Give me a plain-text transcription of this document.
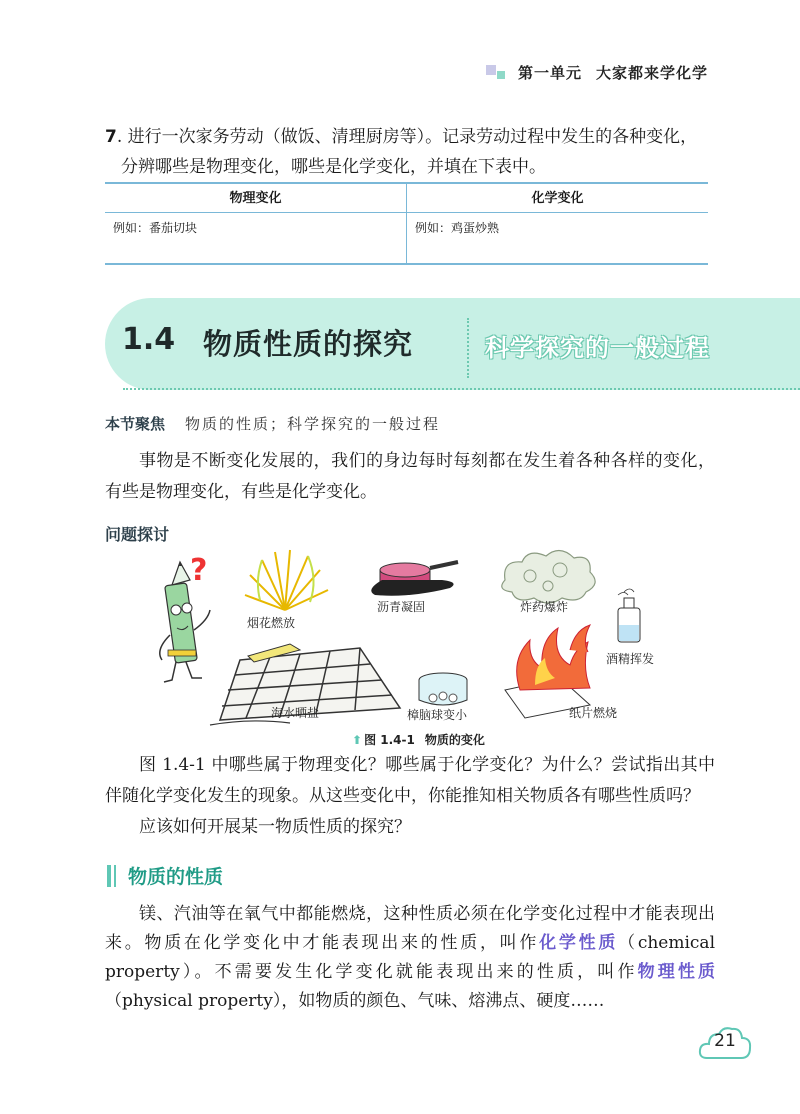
第一单元 大家都来学化学
7. 进行一次家务劳动（做饭、清理厨房等）。记录劳动过程中发生的各种变化，
分辨哪些是物理变化，哪些是化学变化，并填在下表中。
物理变化	化学变化
例如：番茄切块	例如：鸡蛋炒熟
1.4 物质性质的探究	科学探究的一般过程
本节聚焦 物质的性质；科学探究的一般过程

事物是不断变化发展的，我们的身边每时每刻都在发生着各种各样的变化，有些是物理变化，有些是化学变化。

问题探讨
?
烟花燃放
沥青凝固	炸药爆炸
酒精挥发
海水晒盐	樟脑球变小	纸片燃烧
⬆ 图 1.4-1 物质的变化

图 1.4-1 中哪些属于物理变化？哪些属于化学变化？为什么？尝试指出其中伴随化学变化发生的现象。从这些变化中，你能推知相关物质各有哪些性质吗？

应该如何开展某一物质性质的探究？

物质的性质

镁、汽油等在氧气中都能燃烧，这种性质必须在化学变化过程中才能表现出来。物质在化学变化中才能表现出来的性质，叫作化学性质（chemical property）。不需要发生化学变化就能表现出来的性质，叫作物理性质（physical property），如物质的颜色、气味、熔沸点、硬度……

21
